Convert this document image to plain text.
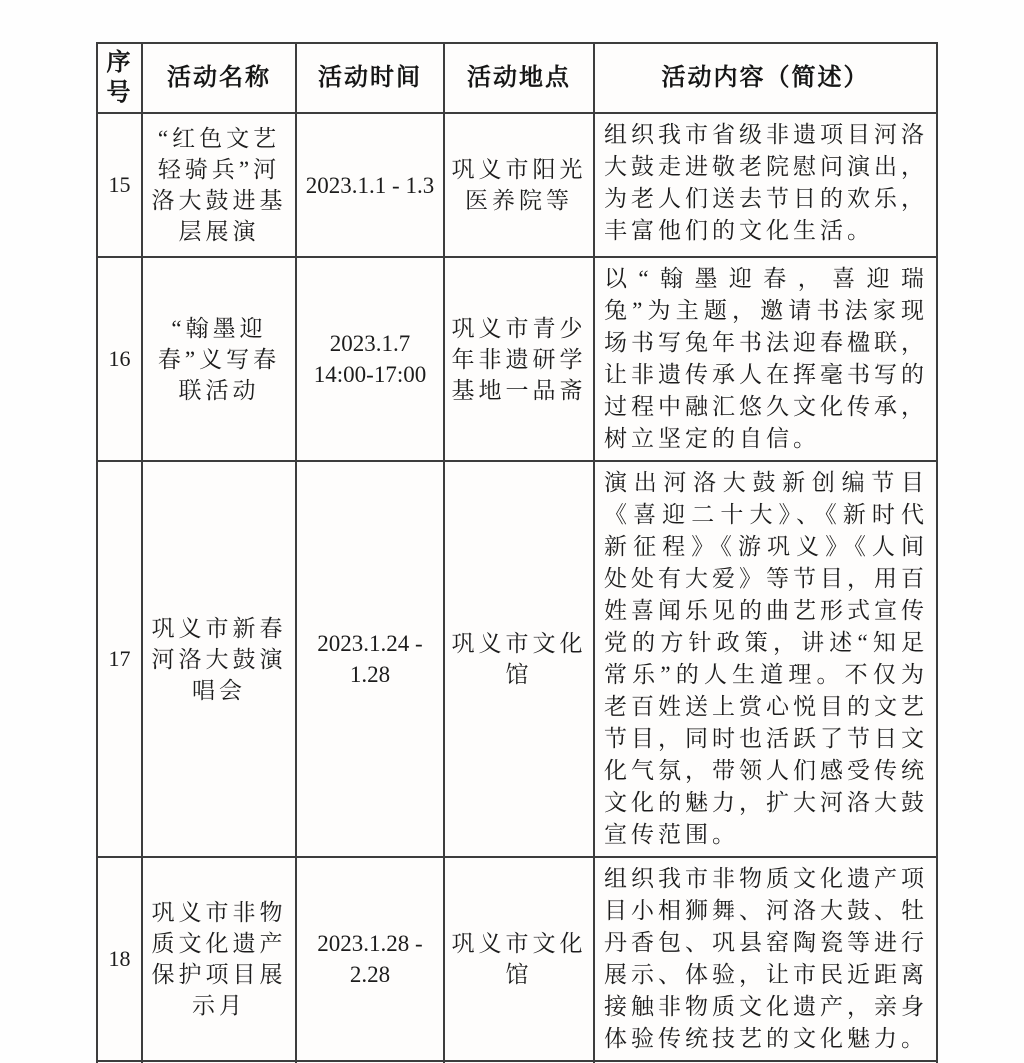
序号	活动名称	活动时间	活动地点	活动内容（简述）
15	“红色文艺轻骑兵”河洛大鼓进基层展演	2023.1.1 - 1.3	巩义市阳光医养院等	组织我市省级非遗项目河洛大鼓走进敬老院慰问演出，为老人们送去节日的欢乐，丰富他们的文化生活。
16	“翰墨迎春”义写春联活动	2023.1.7 14:00-17:00	巩义市青少年非遗研学基地一品斋	以“翰墨迎春，喜迎瑞兔”为主题，邀请书法家现场书写兔年书法迎春楹联，让非遗传承人在挥毫书写的过程中融汇悠久文化传承，树立坚定的自信。
17	巩义市新春河洛大鼓演唱会	2023.1.24 - 1.28	巩义市文化馆	演出河洛大鼓新创编节目《喜迎二十大》、《新时代 新征程》《游巩义》《人间处处有大爱》等节目，用百姓喜闻乐见的曲艺形式宣传党的方针政策，讲述“知足常乐”的人生道理。不仅为老百姓送上赏心悦目的文艺节目，同时也活跃了节日文化气氛，带领人们感受传统文化的魅力，扩大河洛大鼓宣传范围。
18	巩义市非物质文化遗产保护项目展示月	2023.1.28 - 2.28	巩义市文化馆	组织我市非物质文化遗产项目小相狮舞、河洛大鼓、牡丹香包、巩县窑陶瓷等进行展示、体验，让市民近距离接触非物质文化遗产，亲身体验传统技艺的文化魅力。
